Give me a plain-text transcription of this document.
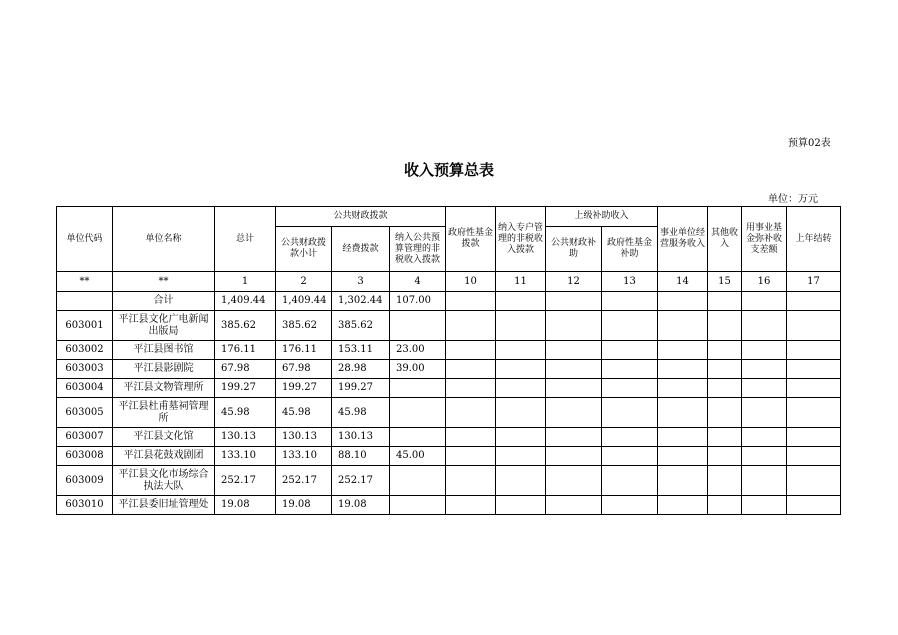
预算02表
收入预算总表
单位：万元
单位代码	单位名称	总计	公共财政拨款			政府性基金拨款	纳入专户管理的非税收入拨款	上级补助收入		事业单位经营服务收入	其他收入	用事业基金弥补收支差额	上年结转
			公共财政拨款小计	经费拨款	纳入公共预算管理的非税收入拨款			公共财政补助	政府性基金补助				
**	**	1	2	3	4	10	11	12	13	14	15	16	17
	合计	1,409.44	1,409.44	1,302.44	107.00								
603001	平江县文化广电新闻出版局	385.62	385.62	385.62									
603002	平江县图书馆	176.11	176.11	153.11	23.00								
603003	平江县影剧院	67.98	67.98	28.98	39.00								
603004	平江县文物管理所	199.27	199.27	199.27									
603005	平江县杜甫墓祠管理所	45.98	45.98	45.98									
603007	平江县文化馆	130.13	130.13	130.13									
603008	平江县花鼓戏剧团	133.10	133.10	88.10	45.00								
603009	平江县文化市场综合执法大队	252.17	252.17	252.17									
603010	平江县委旧址管理处	19.08	19.08	19.08									
